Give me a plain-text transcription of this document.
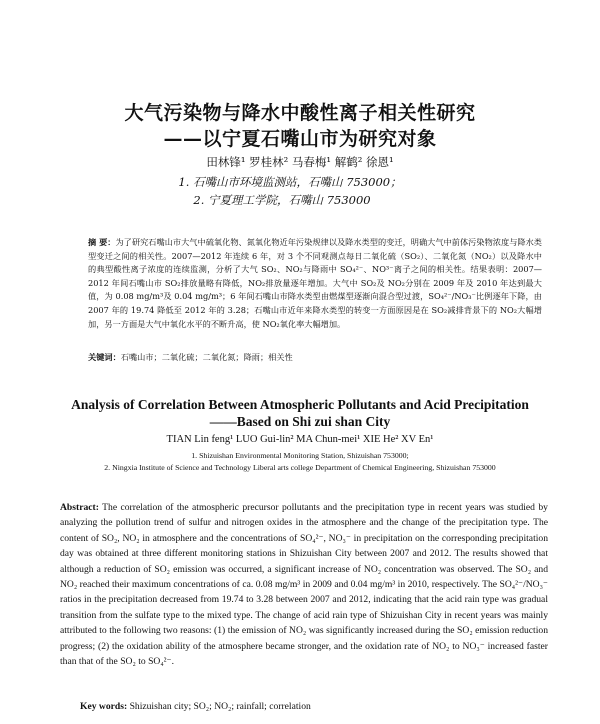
大气污染物与降水中酸性离子相关性研究
——以宁夏石嘴山市为研究对象
田林锋¹ 罗桂林² 马春梅¹ 解鹤² 徐恩¹
1. 石嘴山市环境监测站，石嘴山 753000；
2. 宁夏理工学院，石嘴山 753000
摘 要：为了研究石嘴山市大气中硫氧化物、氮氧化物近年污染规律以及降水类型的变迁，明确大气中前体污染物浓度与降水类型变迁之间的相关性。2007—2012 年连续 6 年，对 3 个不同观测点每日二氧化硫（SO₂）、二氧化氮（NO₂）以及降水中的典型酸性离子浓度的连续监测，分析了大气 SO₂、NO₂与降雨中 SO₄²⁻、NO³⁻离子之间的相关性。结果表明：2007—2012 年间石嘴山市 SO₂排放量略有降低，NO₂排放量逐年增加。大气中 SO₂及 NO₂分别在 2009 年及 2010 年达到最大值，为 0.08 mg/m³及 0.04 mg/m³；6 年间石嘴山市降水类型由燃煤型逐渐向混合型过渡，SO₄²⁻/NO₃⁻比例逐年下降，由 2007 年的 19.74 降低至 2012 年的 3.28；石嘴山市近年来降水类型的转变一方面原因是在 SO₂减排背景下的 NO₂大幅增加，另一方面是大气中氧化水平的不断升高，使 NO₂氧化率大幅增加。
关键词：石嘴山市；二氧化硫；二氧化氮；降雨；相关性
Analysis of Correlation Between Atmospheric Pollutants and Acid Precipitation
——Based on Shi zui shan City
TIAN Lin feng¹ LUO Gui-lin² MA Chun-mei¹ XIE He² XV En¹
1. Shizuishan Environmental Monitoring Station, Shizuishan 753000;
2. Ningxia Institute of Science and Technology Liberal arts college Department of Chemical Engineering, Shizuishan 753000
Abstract: The correlation of the atmospheric precursor pollutants and the precipitation type in recent years was studied by analyzing the pollution trend of sulfur and nitrogen oxides in the atmosphere and the change of the precipitation type. The content of SO₂, NO₂ in atmosphere and the concentrations of SO₄²⁻, NO₃⁻ in precipitation on the corresponding precipitation day was obtained at three different monitoring stations in Shizuishan City between 2007 and 2012. The results showed that although a reduction of SO₂ emission was occurred, a significant increase of NO₂ concentration was observed. The SO₂ and NO₂ reached their maximum concentrations of ca. 0.08 mg/m³ in 2009 and 0.04 mg/m³ in 2010, respectively. The SO₄²⁻/NO₃⁻ ratios in the precipitation decreased from 19.74 to 3.28 between 2007 and 2012, indicating that the acid rain type was gradual transition from the sulfate type to the mixed type. The change of acid rain type of Shizuishan City in recent years was mainly attributed to the following two reasons: (1) the emission of NO₂ was significantly increased during the SO₂ emission reduction progress; (2) the oxidation ability of the atmosphere became stronger, and the oxidation rate of NO₂ to NO₃⁻ increased faster than that of the SO₂ to SO₄²⁻.
Key words: Shizuishan city; SO₂; NO₂; rainfall; correlation
